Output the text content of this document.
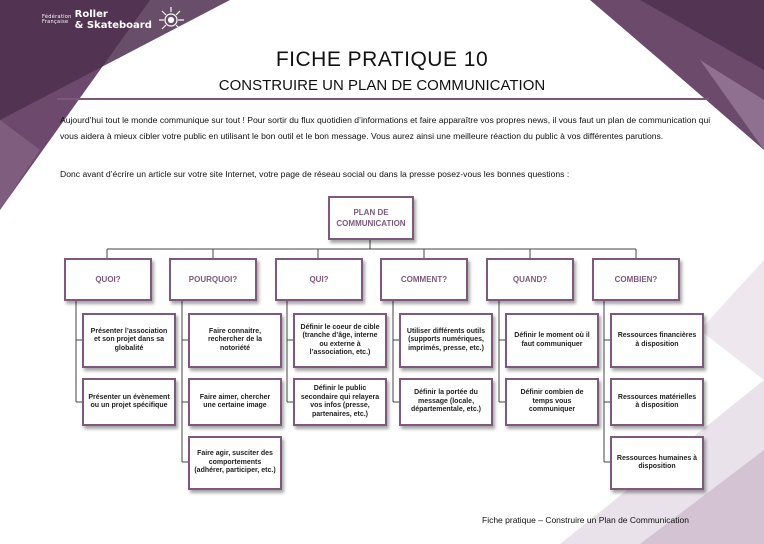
Fédération
Française
Roller
& Skateboard
FICHE PRATIQUE 10
CONSTRUIRE UN PLAN DE COMMUNICATION

Aujourd’hui tout le monde communique sur tout ! Pour sortir du flux quotidien d’informations et faire apparaître vos propres news, il vous faut un plan de communication qui vous aidera à mieux cibler votre public en utilisant le bon outil et le bon message. Vous aurez ainsi une meilleure réaction du public à vos différentes parutions.

Donc avant d’écrire un article sur votre site Internet, votre page de réseau social ou dans la presse posez-vous les bonnes questions :

PLAN DE COMMUNICATION
QUOI?	POURQUOI?	QUI?	COMMENT?	QUAND?	COMBIEN?
Présenter l’association et son projet dans sa globalité
Présenter un évènement ou un projet spécifique
Faire connaitre, rechercher de la notoriété
Faire aimer, chercher une certaine image
Faire agir, susciter des comportements (adhérer, participer, etc.)
Définir le coeur de cible (tranche d’âge, interne ou externe à l’association, etc.)
Définir le public secondaire qui relayera vos infos (presse, partenaires, etc.)
Utiliser différents outils (supports numériques, imprimés, presse, etc.)
Définir la portée du message (locale, départementale, etc.)
Définir le moment où il faut communiquer
Définir combien de temps vous communiquer
Ressources financières à disposition
Ressources matérielles à disposition
Ressources humaines à disposition
Fiche pratique – Construire un Plan de Communication
